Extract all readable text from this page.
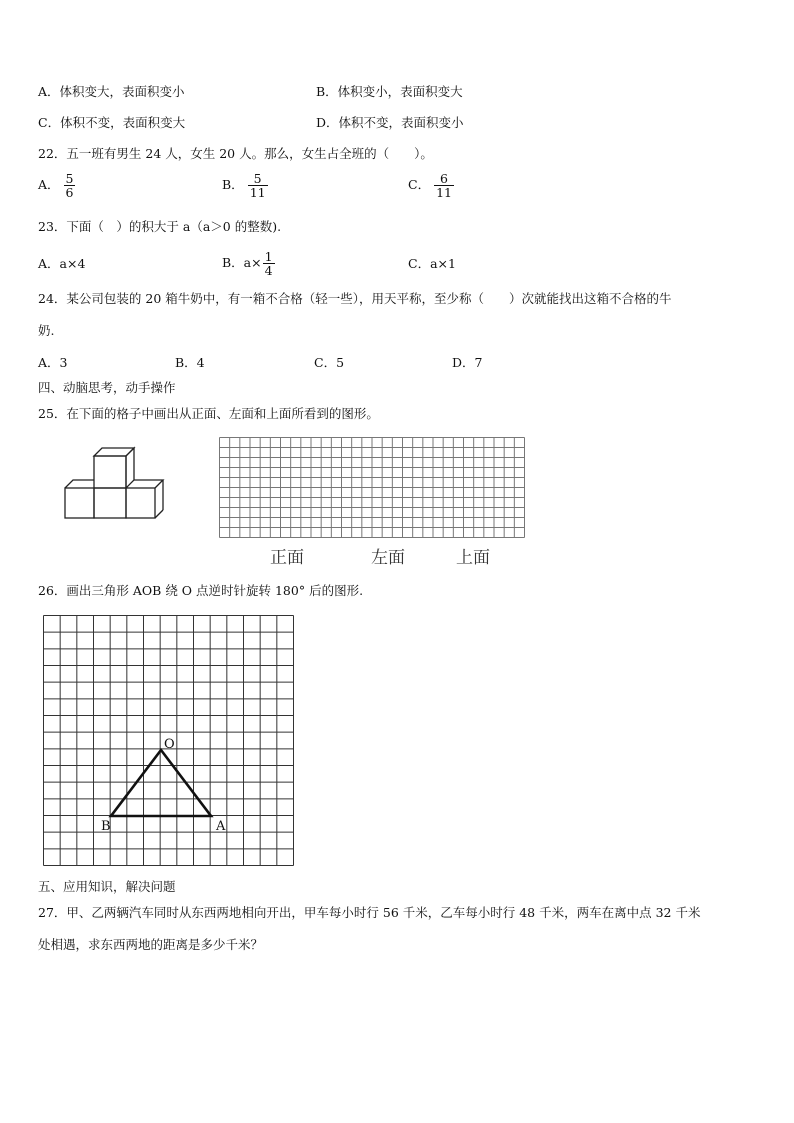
A．体积变大，表面积变小	B．体积变小，表面积变大
C．体积不变，表面积变大	D．体积不变，表面积变小
22．五一班有男生 24 人，女生 20 人。那么，女生占全班的（　　）。
A． $\frac{5}{6}$	B． $\frac{5}{11}$	C． $\frac{6}{11}$
23．下面（　）的积大于 a（a＞0 的整数).
A．a×4	B．$a\times \frac{1}{4}$	C．a×1
24．某公司包装的 20 箱牛奶中，有一箱不合格（轻一些），用天平称，至少称（　　）次就能找出这箱不合格的牛
奶.
A．3	B．4	C．5	D．7
四、动脑思考，动手操作
25．在下面的格子中画出从正面、左面和上面所看到的图形。
正面	左面	上面
26．画出三角形 AOB 绕 O 点逆时针旋转 180° 后的图形.
O
B	A
五、应用知识，解决问题
27．甲、乙两辆汽车同时从东西两地相向开出，甲车每小时行 56 千米，乙车每小时行 48 千米，两车在离中点 32 千米
处相遇，求东西两地的距离是多少千米？
